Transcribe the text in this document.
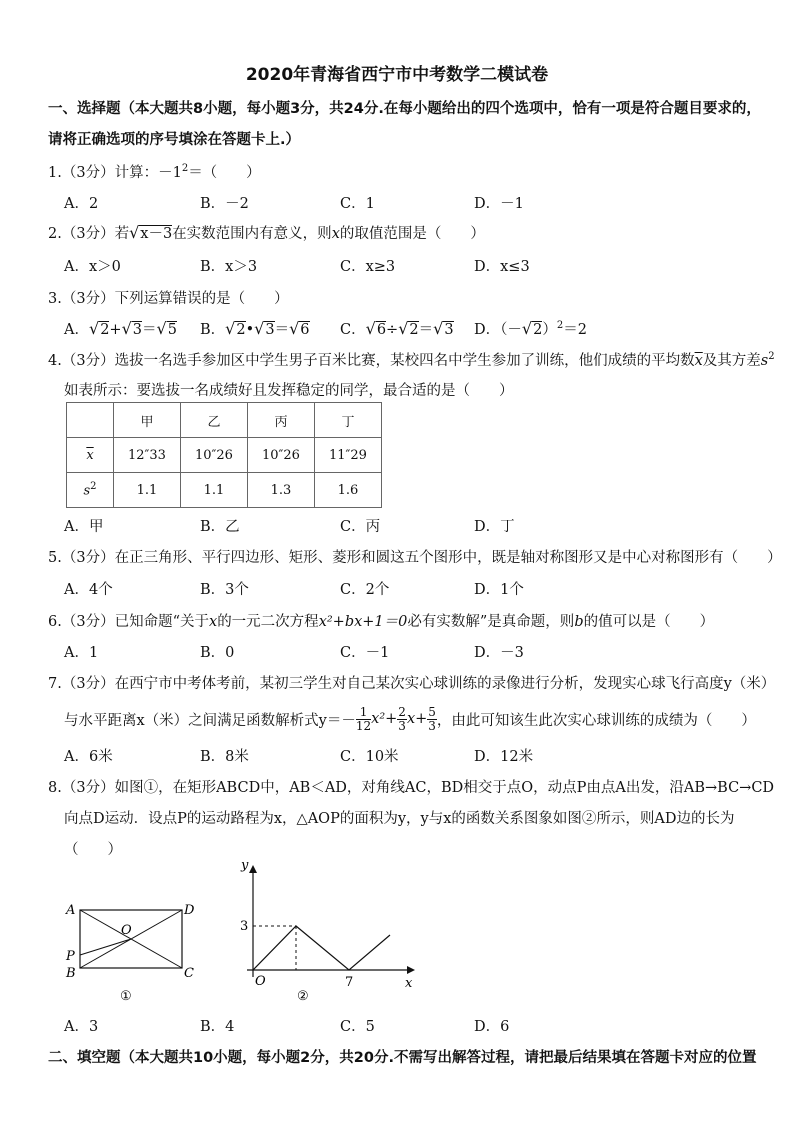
2020年青海省西宁市中考数学二模试卷
一、选择题（本大题共8小题，每小题3分，共24分.在每小题给出的四个选项中，恰有一项是符合题目要求的，
请将正确选项的序号填涂在答题卡上.）
1.（3分）计算：$-1^2=$（　　）
A．2	B．－2	C．1	D．－1
2.（3分）若√x－3在实数范围内有意义，则x的取值范围是（　　）
A．x＞0	B．x＞3	C．x≥3	D．x≤3
3.（3分）下列运算错误的是（　　）
A．√2+√3＝√5 B．√2•√3＝√6 C．√6÷√2＝√3 D．$(-√2)^2=2$
4.（3分）选拔一名选手参加区中学生男子百米比赛，某校四名中学生参加了训练，他们成绩的平均数$\overline{x}$及其方差$s^2$
如表所示：要选拔一名成绩好且发挥稳定的同学，最合适的是（　　）
	甲	乙	丙	丁
$\overline{x}$	12″33	10″26	10″26	11″29
$s^2$	1.1	1.1	1.3	1.6
A．甲	B．乙	C．丙	D．丁
5.（3分）在正三角形、平行四边形、矩形、菱形和圆这五个图形中，既是轴对称图形又是中心对称图形有（　　）
A．4个	B．3个	C．2个	D．1个
6.（3分）已知命题“关于x的一元二次方程x²+bx+1＝0必有实数解”是真命题，则b的值可以是（　　）
A．1	B．0	C．－1	D．－3
7.（3分）在西宁市中考体考前，某初三学生对自己某次实心球训练的录像进行分析，发现实心球飞行高度y（米）
与水平距离x（米）之间满足函数解析式$y=- \frac{1}{12} x^2+ \frac{2}{3} x+ \frac{5}{3}$ ，由此可知该生此次实心球训练的成绩为（　　）
A．6米	B．8米	C．10米	D．12米
8.（3分）如图①，在矩形ABCD中，AB＜AD，对角线AC，BD相交于点O，动点P由点A出发，沿AB→BC→CD
向点D运动．设点P的运动路程为x，△AOP的面积为y，y与x的函数关系图象如图②所示，则AD边的长为
（　　）
A
B	C
D
O
P
①
y
x
O
3
7
②
A．3	B．4	C．5	D．6
二、填空题（本大题共10小题，每小题2分，共20分.不需写出解答过程，请把最后结果填在答题卡对应的位置
